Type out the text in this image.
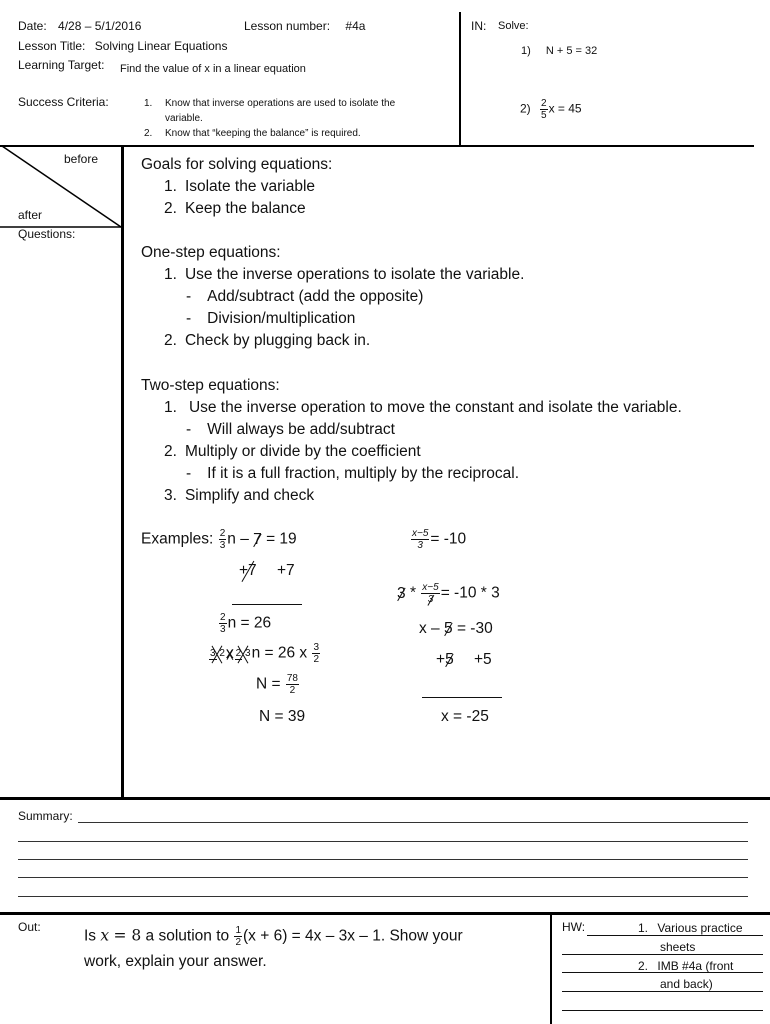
Date: 4/28 – 5/1/2016	Lesson number: #4a
Lesson Title: Solving Linear Equations
Learning Target: Find the value of x in a linear equation
Success Criteria:	1. Know that inverse operations are used to isolate the
variable.
2. Know that “keeping the balance” is required.
IN: Solve:
1) N + 5 = 32
$2) \frac{2}{5}$ x = 45
before
after
Questions:
Goals for solving equations:
1. Isolate the variable
2. Keep the balance
One-step equations:
1. Use the inverse operations to isolate the variable.
- Add/subtract (add the opposite)
- Division/multiplication
2. Check by plugging back in.
Two-step equations:
1. Use the inverse operation to move the constant and isolate the variable.
- Will always be add/subtract
2. Multiply or divide by the coefficient
- If it is a full fraction, multiply by the reciprocal.
3. Simplify and check
Examples: $\frac{2}{3}$ n – 7 = 19
+7 +7
$\frac{2}{3}$ n = 26
3 2x 2 3n = 26 x $\frac{3}{2}$
$N = \frac{78}{2}$
N = 39
$\frac{x-5}{3} = -10$
$3 * \frac{x-5}{3} = -10 * 3$
x – 5 = -30
+5 +5
x = -25
Summary:
Out:
Is x = 8 a solution to $\frac{1}{2} (x + 6) = 4x - 3x - 1$. Show your
work, explain your answer.
HW:	1. Various practice
sheets
2. IMB #4a (front
and back)
